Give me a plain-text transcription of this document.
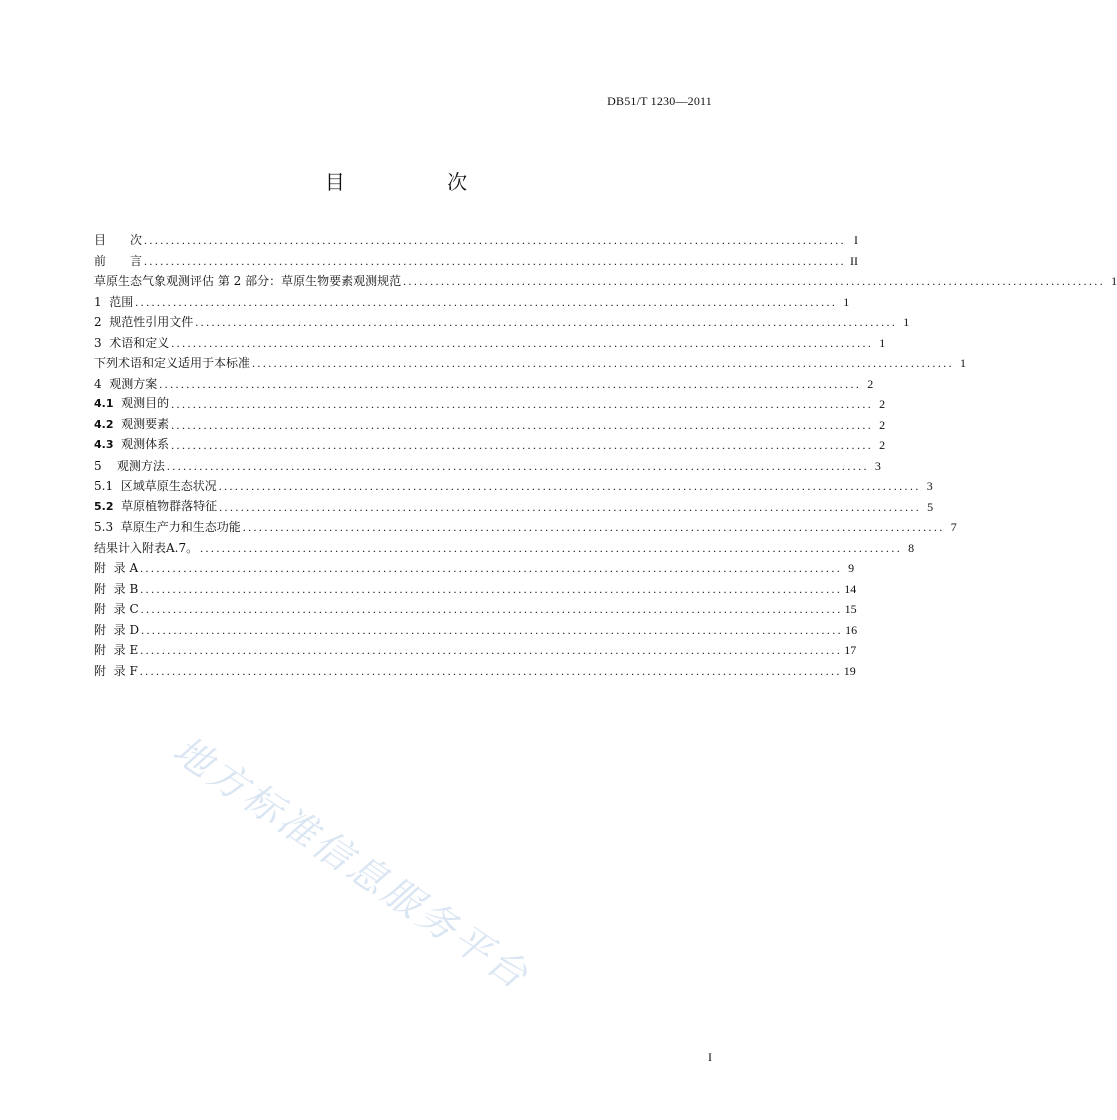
DB51/T 1230—2011
目 次
目　　次 .................................................................................................................................. I
前　　言 .................................................................................................................................. II
草原生态气象观测评估 第 2 部分：草原生物要素观测规范 .................................................................................................................................. 1
1  范围 .................................................................................................................................. 1
2  规范性引用文件 .................................................................................................................................. 1
3  术语和定义 .................................................................................................................................. 1
下列术语和定义适用于本标准 .................................................................................................................................. 1
4  观测方案 .................................................................................................................................. 2
4.1  观测目的 .................................................................................................................................. 2
4.2  观测要素 .................................................................................................................................. 2
4.3  观测体系 .................................................................................................................................. 2
5    观测方法 .................................................................................................................................. 3
5.1  区域草原生态状况 .................................................................................................................................. 3
5.2  草原植物群落特征 .................................................................................................................................. 5
5.3  草原生产力和生态功能 .................................................................................................................................. 7
结果计入附表A.7。 .................................................................................................................................. 8
附  录 A .................................................................................................................................. 9
附  录 B .................................................................................................................................. 14
附  录 C .................................................................................................................................. 15
附  录 D .................................................................................................................................. 16
附  录 E .................................................................................................................................. 17
附  录 F .................................................................................................................................. 19
地方标准信息服务平台
I
